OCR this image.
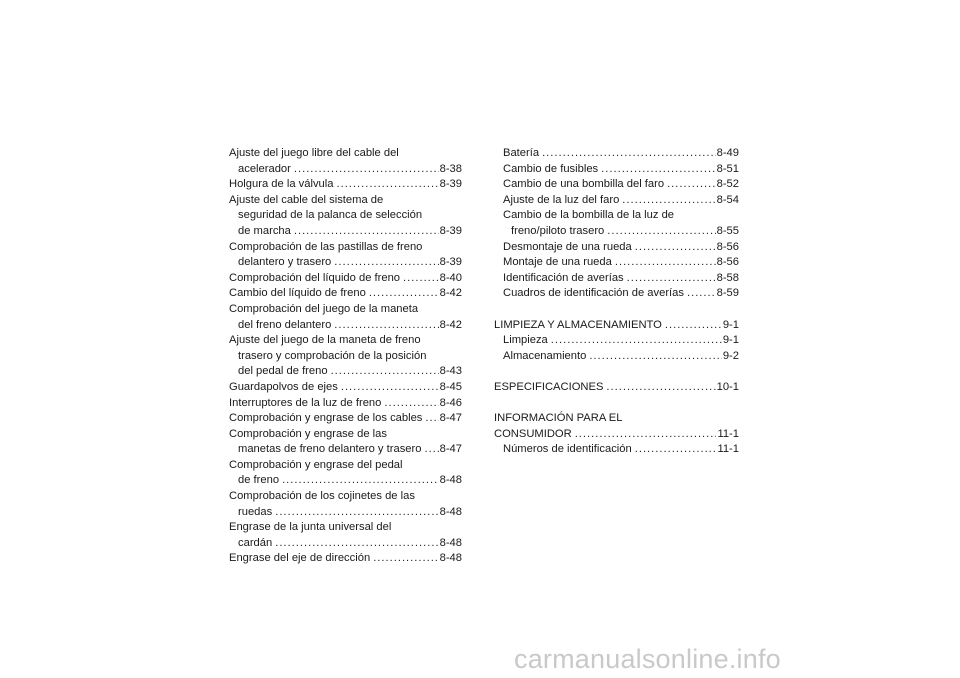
Ajuste del juego libre del cable del
acelerador .....	8-38
Holgura de la válvula .....	8-39
Ajuste del cable del sistema de
seguridad de la palanca de selección
de marcha .....	8-39
Comprobación de las pastillas de freno
delantero y trasero .....	8-39
Comprobación del líquido de freno .....	8-40
Cambio del líquido de freno .....	8-42
Comprobación del juego de la maneta
del freno delantero .....	8-42
Ajuste del juego de la maneta de freno
trasero y comprobación de la posición
del pedal de freno .....	8-43
Guardapolvos de ejes .....	8-45
Interruptores de la luz de freno .....	8-46
Comprobación y engrase de los cables ..... 8-47
Comprobación y engrase de las
manetas de freno delantero y trasero ..... 8-47
Comprobación y engrase del pedal
de freno .....	8-48
Comprobación de los cojinetes de las
ruedas .....	8-48
Engrase de la junta universal del
cardán .....	8-48
Engrase del eje de dirección .....	8-48
Batería .....	8-49
Cambio de fusibles .....	8-51
Cambio de una bombilla del faro .....	8-52
Ajuste de la luz del faro .....	8-54
Cambio de la bombilla de la luz de
freno/piloto trasero .....	8-55
Desmontaje de una rueda .....	8-56
Montaje de una rueda .....	8-56
Identificación de averías .....	8-58
Cuadros de identificación de averías .....	8-59
LIMPIEZA Y ALMACENAMIENTO .....	9-1
Limpieza .....	9-1
Almacenamiento .....	9-2
ESPECIFICACIONES .....	10-1
INFORMACIÓN PARA EL
CONSUMIDOR .....	11-1
Números de identificación .....	11-1
carmanualsonline.info
